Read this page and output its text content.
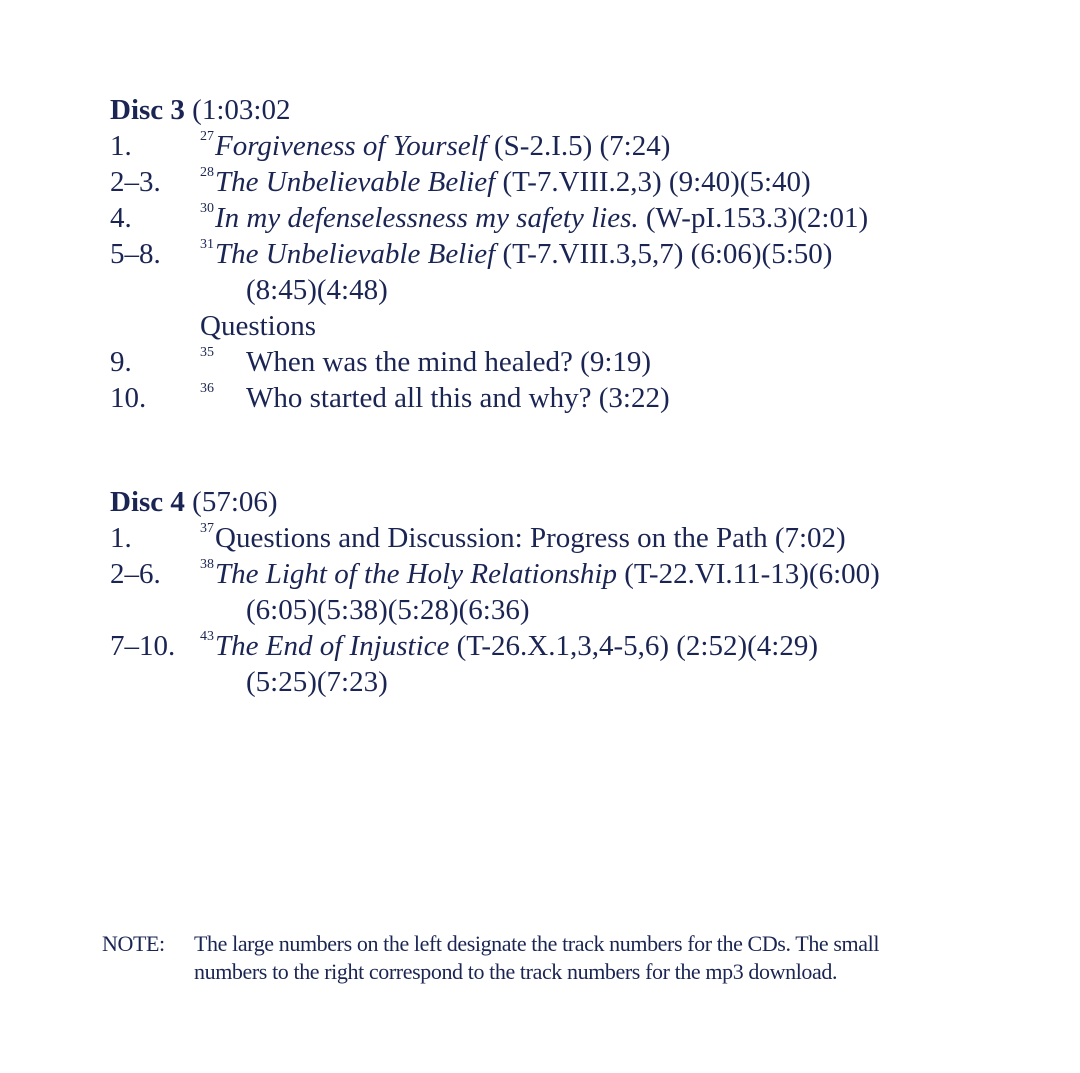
Disc 3 (1:03:02
1.	$^{27}$Forgiveness of Yourself (S-2.I.5) (7:24)
2–3.	$^{28}$The Unbelievable Belief (T-7.VIII.2,3) (9:40)(5:40)
4.	$^{30}$In my defenselessness my safety lies. (W-pI.153.3)(2:01)
5–8.	$^{31}$The Unbelievable Belief (T-7.VIII.3,5,7) (6:06)(5:50)
(8:45)(4:48)
Questions
9.	35 When was the mind healed? (9:19)
10.	36 Who started all this and why? (3:22)
Disc 4 (57:06)
1.	$^{37}$Questions and Discussion: Progress on the Path (7:02)
2–6.	$^{38}$The Light of the Holy Relationship (T-22.VI.11-13)(6:00)
(6:05)(5:38)(5:28)(6:36)
7–10. $^{43}$The End of Injustice (T-26.X.1,3,4-5,6) (2:52)(4:29)
(5:25)(7:23)
NOTE: The large numbers on the left designate the track numbers for the CDs. The small
numbers to the right correspond to the track numbers for the mp3 download.
